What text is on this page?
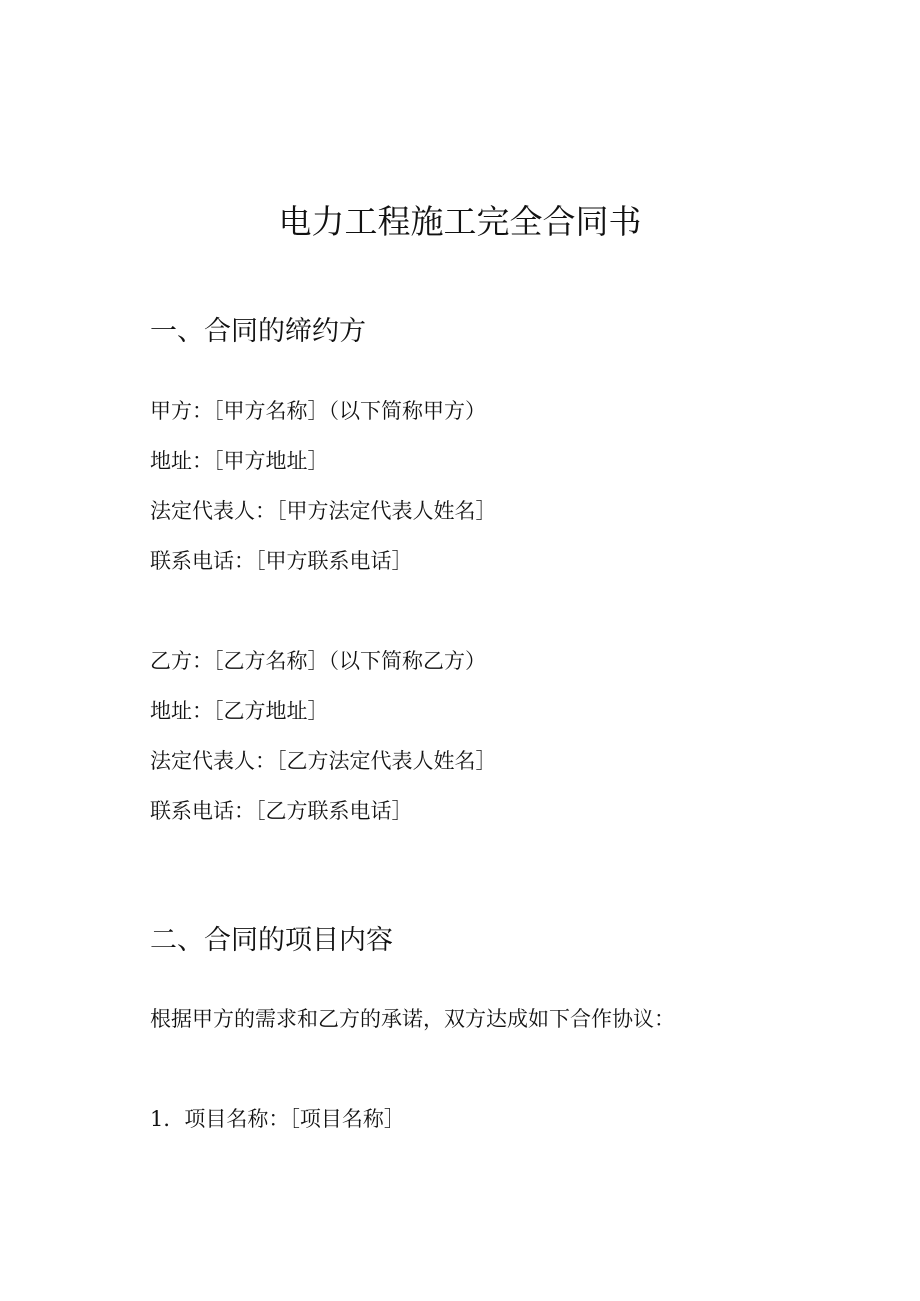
电力工程施工完全合同书
一、合同的缔约方
甲方：［甲方名称］（以下简称甲方）
地址：［甲方地址］
法定代表人：［甲方法定代表人姓名］
联系电话：［甲方联系电话］
乙方：［乙方名称］（以下简称乙方）
地址：［乙方地址］
法定代表人：［乙方法定代表人姓名］
联系电话：［乙方联系电话］
二、合同的项目内容
根据甲方的需求和乙方的承诺，双方达成如下合作协议：
1．项目名称：［项目名称］
